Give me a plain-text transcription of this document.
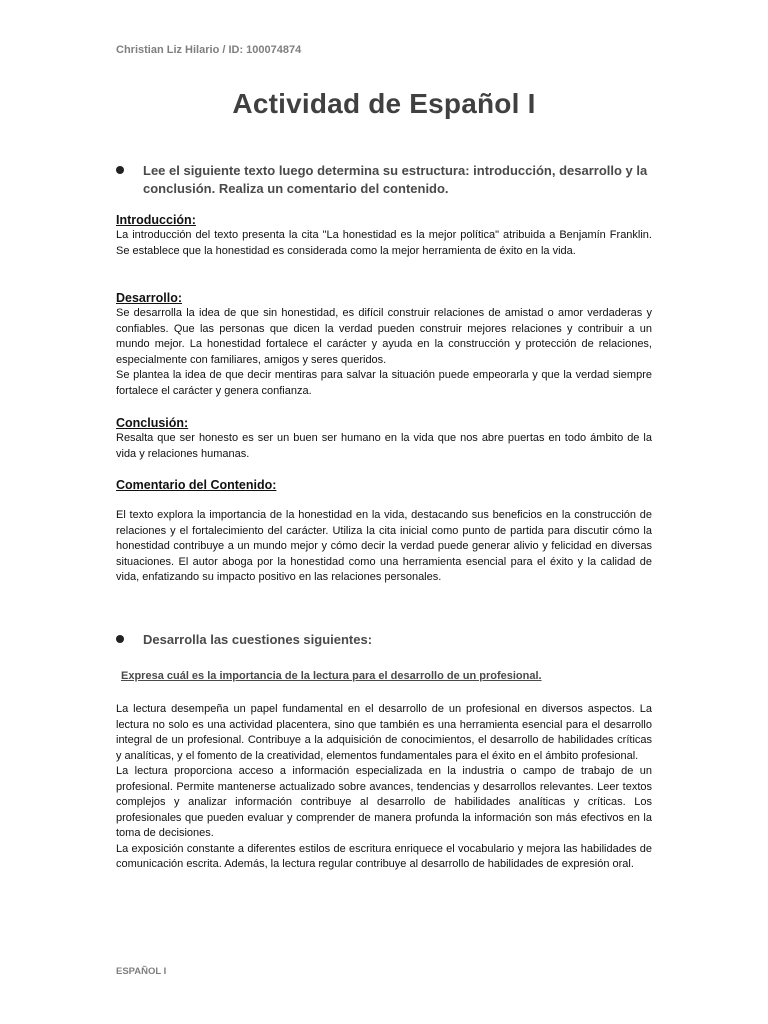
Christian Liz Hilario / ID: 100074874
Actividad de Español I
Lee el siguiente texto luego determina su estructura: introducción, desarrollo y la conclusión. Realiza un comentario del contenido.
Introducción:

La introducción del texto presenta la cita "La honestidad es la mejor política" atribuida a Benjamín Franklin. Se establece que la honestidad es considerada como la mejor herramienta de éxito en la vida.

Desarrollo:

Se desarrolla la idea de que sin honestidad, es difícil construir relaciones de amistad o amor verdaderas y confiables. Que las personas que dicen la verdad pueden construir mejores relaciones y contribuir a un mundo mejor. La honestidad fortalece el carácter y ayuda en la construcción y protección de relaciones, especialmente con familiares, amigos y seres queridos.

Se plantea la idea de que decir mentiras para salvar la situación puede empeorarla y que la verdad siempre fortalece el carácter y genera confianza.

Conclusión:

Resalta que ser honesto es ser un buen ser humano en la vida que nos abre puertas en todo ámbito de la vida y relaciones humanas.

Comentario del Contenido:

El texto explora la importancia de la honestidad en la vida, destacando sus beneficios en la construcción de relaciones y el fortalecimiento del carácter. Utiliza la cita inicial como punto de partida para discutir cómo la honestidad contribuye a un mundo mejor y cómo decir la verdad puede generar alivio y felicidad en diversas situaciones. El autor aboga por la honestidad como una herramienta esencial para el éxito y la calidad de vida, enfatizando su impacto positivo en las relaciones personales.

Desarrolla las cuestiones siguientes:
Expresa cuál es la importancia de la lectura para el desarrollo de un profesional.

La lectura desempeña un papel fundamental en el desarrollo de un profesional en diversos aspectos. La lectura no solo es una actividad placentera, sino que también es una herramienta esencial para el desarrollo integral de un profesional. Contribuye a la adquisición de conocimientos, el desarrollo de habilidades críticas y analíticas, y el fomento de la creatividad, elementos fundamentales para el éxito en el ámbito profesional.

La lectura proporciona acceso a información especializada en la industria o campo de trabajo de un profesional. Permite mantenerse actualizado sobre avances, tendencias y desarrollos relevantes. Leer textos complejos y analizar información contribuye al desarrollo de habilidades analíticas y críticas. Los profesionales que pueden evaluar y comprender de manera profunda la información son más efectivos en la toma de decisiones.

La exposición constante a diferentes estilos de escritura enriquece el vocabulario y mejora las habilidades de comunicación escrita. Además, la lectura regular contribuye al desarrollo de habilidades de expresión oral.

ESPAÑOL I
